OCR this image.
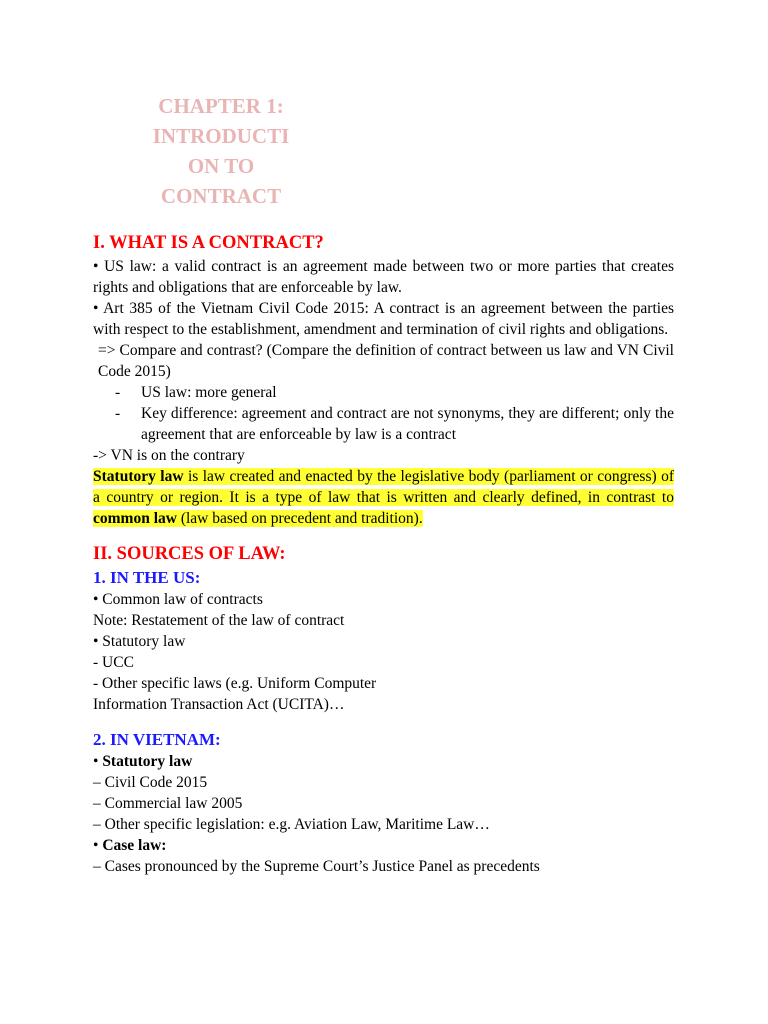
CHAPTER 1:
INTRODUCTI
ON TO
CONTRACT
I. WHAT IS A CONTRACT?
• US law: a valid contract is an agreement made between two or more parties that creates rights and obligations that are enforceable by law.
• Art 385 of the Vietnam Civil Code 2015: A contract is an agreement between the parties with respect to the establishment, amendment and termination of civil rights and obligations.
=> Compare and contrast? (Compare the definition of contract between us law and VN Civil Code 2015)
- US law: more general
- Key difference: agreement and contract are not synonyms, they are different; only the agreement that are enforceable by law is a contract
-> VN is on the contrary
Statutory law is law created and enacted by the legislative body (parliament or congress) of a country or region. It is a type of law that is written and clearly defined, in contrast to common law (law based on precedent and tradition).
II. SOURCES OF LAW:
1. IN THE US:
• Common law of contracts
Note: Restatement of the law of contract
• Statutory law
- UCC
- Other specific laws (e.g. Uniform Computer
Information Transaction Act (UCITA)…
2. IN VIETNAM:
• Statutory law
– Civil Code 2015
– Commercial law 2005
– Other specific legislation: e.g. Aviation Law, Maritime Law…
• Case law:
– Cases pronounced by the Supreme Court’s Justice Panel as precedents
